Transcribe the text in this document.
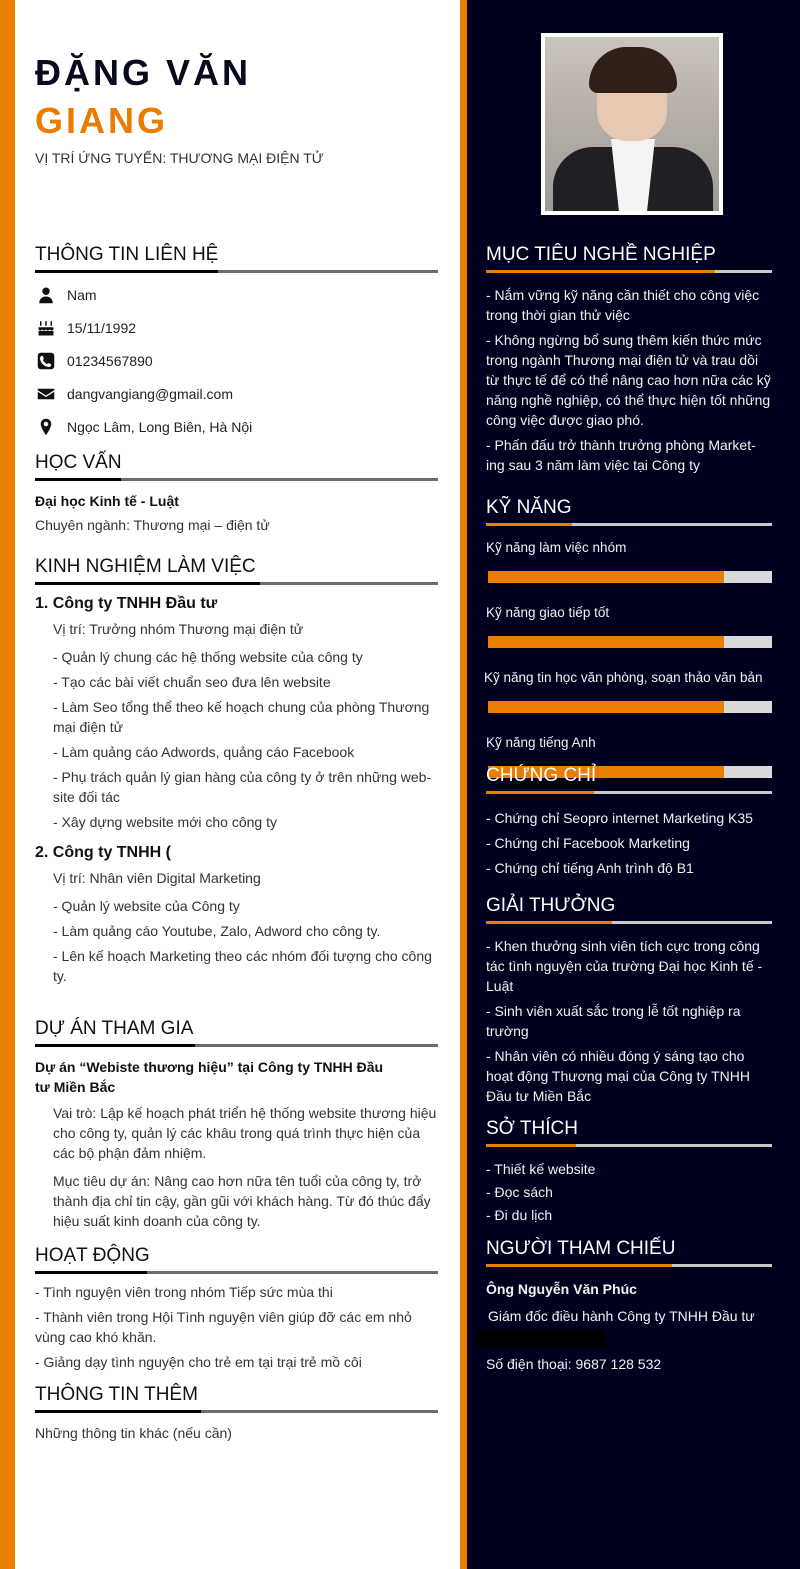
ĐẶNG VĂN
GIANG
VỊ TRÍ ỨNG TUYỂN: THƯƠNG MẠI ĐIỆN TỬ
THÔNG TIN LIÊN HỆ
Nam
15/11/1992
01234567890
dangvangiang@gmail.com
Ngọc Lâm, Long Biên, Hà Nội
HỌC VẤN
Đại học Kinh tế - Luật
Chuyên ngành: Thương mại – điện tử
KINH NGHIỆM LÀM VIỆC
1. Công ty TNHH Đầu tư
Vị trí: Trưởng nhóm Thương mại điện tử
- Quản lý chung các hệ thống website của công ty
- Tạo các bài viết chuẩn seo đưa lên website
- Làm Seo tổng thể theo kế hoạch chung của phòng Thương mại điện tử
- Làm quảng cáo Adwords, quảng cáo Facebook
- Phụ trách quản lý gian hàng của công ty ở trên những web-site đối tác
- Xây dựng website mới cho công ty
2. Công ty TNHH (
Vị trí: Nhân viên Digital Marketing
- Quản lý website của Công ty
- Làm quảng cáo Youtube, Zalo, Adword cho công ty.
- Lên kế hoạch Marketing theo các nhóm đối tượng cho công ty.
DỰ ÁN THAM GIA
Dự án “Webiste thương hiệu” tại Công ty TNHH Đầu tư Miền Bắc
Vai trò: Lập kế hoạch phát triển hệ thống website thương hiệu cho công ty, quản lý các khâu trong quá trình thực hiện của các bộ phận đảm nhiệm.
Mục tiêu dự án: Nâng cao hơn nữa tên tuổi của công ty, trở thành địa chỉ tin cậy, gần gũi với khách hàng. Từ đó thúc đẩy hiệu suất kinh doanh của công ty.
HOẠT ĐỘNG
- Tình nguyện viên trong nhóm Tiếp sức mùa thi
- Thành viên trong Hội Tình nguyện viên giúp đỡ các em nhỏ vùng cao khó khăn.
- Giảng dạy tình nguyện cho trẻ em tại trại trẻ mồ côi
THÔNG TIN THÊM
Những thông tin khác (nếu cần)
MỤC TIÊU NGHỀ NGHIỆP
- Nắm vững kỹ năng cần thiết cho công việc trong thời gian thử việc
- Không ngừng bổ sung thêm kiến thức mức trong ngành Thương mại điện tử và trau dồi từ thực tế để có thể nâng cao hơn nữa các kỹ năng nghề nghiệp, có thể thực hiện tốt những công việc được giao phó.
- Phấn đấu trở thành trưởng phòng Market-ing sau 3 năm làm việc tại Công ty
KỸ NĂNG
Kỹ năng làm việc nhóm
Kỹ năng giao tiếp tốt
Kỹ năng tin học văn phòng, soạn thảo văn bản
Kỹ năng tiếng Anh
CHỨNG CHỈ
- Chứng chỉ Seopro internet Marketing K35
- Chứng chỉ Facebook Marketing
- Chứng chỉ tiếng Anh trình độ B1
GIẢI THƯỞNG
- Khen thưởng sinh viên tích cực trong công tác tình nguyện của trường Đại học Kinh tế - Luật
- Sinh viên xuất sắc trong lễ tốt nghiệp ra trường
- Nhân viên có nhiều đóng ý sáng tạo cho hoạt động Thương mại của Công ty TNHH Đầu tư Miền Bắc
SỞ THÍCH
- Thiết kế website
- Đọc sách
- Đi du lịch
NGƯỜI THAM CHIẾU
Ông Nguyễn Văn Phúc
Giám đốc điều hành Công ty TNHH Đầu tư
Số điện thoại: 9687 128 532
